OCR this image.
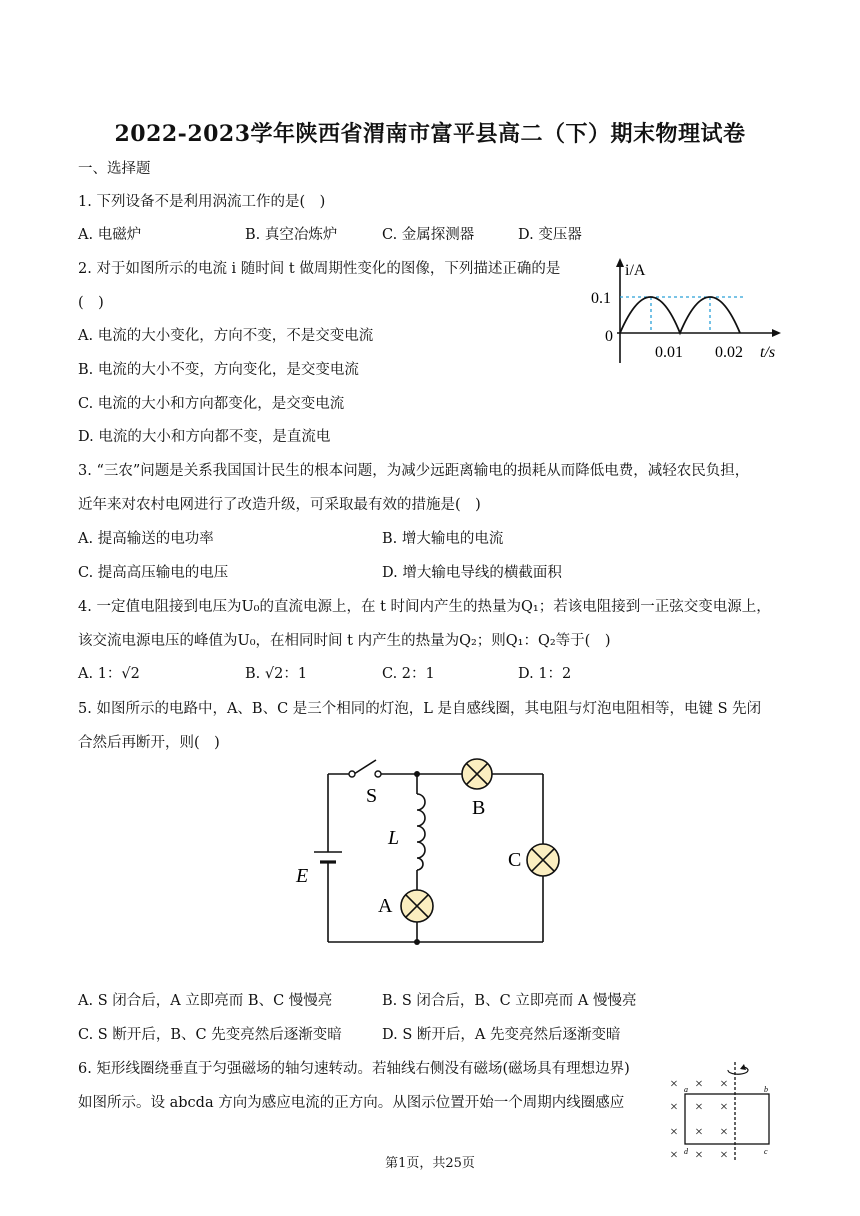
2022-2023学年陕西省渭南市富平县高二（下）期末物理试卷
一、选择题
1. 下列设备不是利用涡流工作的是(　)
A. 电磁炉	B. 真空冶炼炉	C. 金属探测器	D. 变压器
2. 对于如图所示的电流 i 随时间 t 做周期性变化的图像，下列描述正确的是
(　)
A. 电流的大小变化，方向不变，不是交变电流
B. 电流的大小不变，方向变化，是交变电流
C. 电流的大小和方向都变化，是交变电流
D. 电流的大小和方向都不变，是直流电
i/A
0.1
0
0.01 0.02 t/s
3. “三农”问题是关系我国国计民生的根本问题，为减少远距离输电的损耗从而降低电费，减轻农民负担，
近年来对农村电网进行了改造升级，可采取最有效的措施是(　)
A. 提高输送的电功率	B. 增大输电的电流
C. 提高高压输电的电压	D. 增大输电导线的横截面积
4. 一定值电阻接到电压为U₀的直流电源上，在 t 时间内产生的热量为Q₁；若该电阻接到一正弦交变电源上，
该交流电源电压的峰值为U₀，在相同时间 t 内产生的热量为Q₂；则Q₁：Q₂等于(　)
A. 1：√2	B. √2：1	C. 2：1	D. 1：2
5. 如图所示的电路中，A、B、C 是三个相同的灯泡，L 是自感线圈，其电阻与灯泡电阻相等，电键 S 先闭
合然后再断开，则(　)
S
L
E
A
B
C
A. S 闭合后，A 立即亮而 B、C 慢慢亮	B. S 闭合后，B、C 立即亮而 A 慢慢亮
C. S 断开后，B、C 先变亮然后逐渐变暗	D. S 断开后，A 先变亮然后逐渐变暗
6. 矩形线圈绕垂直于匀强磁场的轴匀速转动。若轴线右侧没有磁场(磁场具有理想边界)
如图所示。设 abcda 方向为感应电流的正方向。从图示位置开始一个周期内线圈感应
× × ×
× × ×
× × ×
× × ×
a	b
c
d
第1页，共25页
